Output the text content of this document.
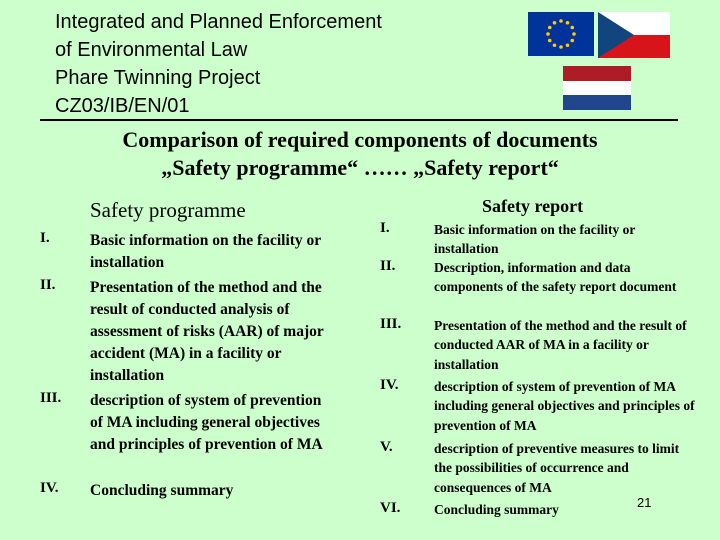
Integrated and Planned Enforcement
of Environmental Law
Phare Twinning Project
CZ03/IB/EN/01
Comparison of required components of documents
„Safety programme“ …… „Safety report“
Safety programme	Safety report
I.	Basic information on the facility or installation
II.	Presentation of the method and the result of conducted analysis of assessment of risks (AAR) of major accident (MA) in a facility or installation
III.	description of system of prevention of MA including general objectives and principles of prevention of MA
IV.	Concluding summary
I.	Basic information on the facility or installation
II.	Description, information and data components of the safety report document
III.	Presentation of the method and the result of conducted AAR of MA in a facility or installation
IV.	description of system of prevention of MA including general objectives and principles of prevention of MA
V.	description of preventive measures to limit the possibilities of occurrence and consequences of MA
VI.	Concluding summary	21
